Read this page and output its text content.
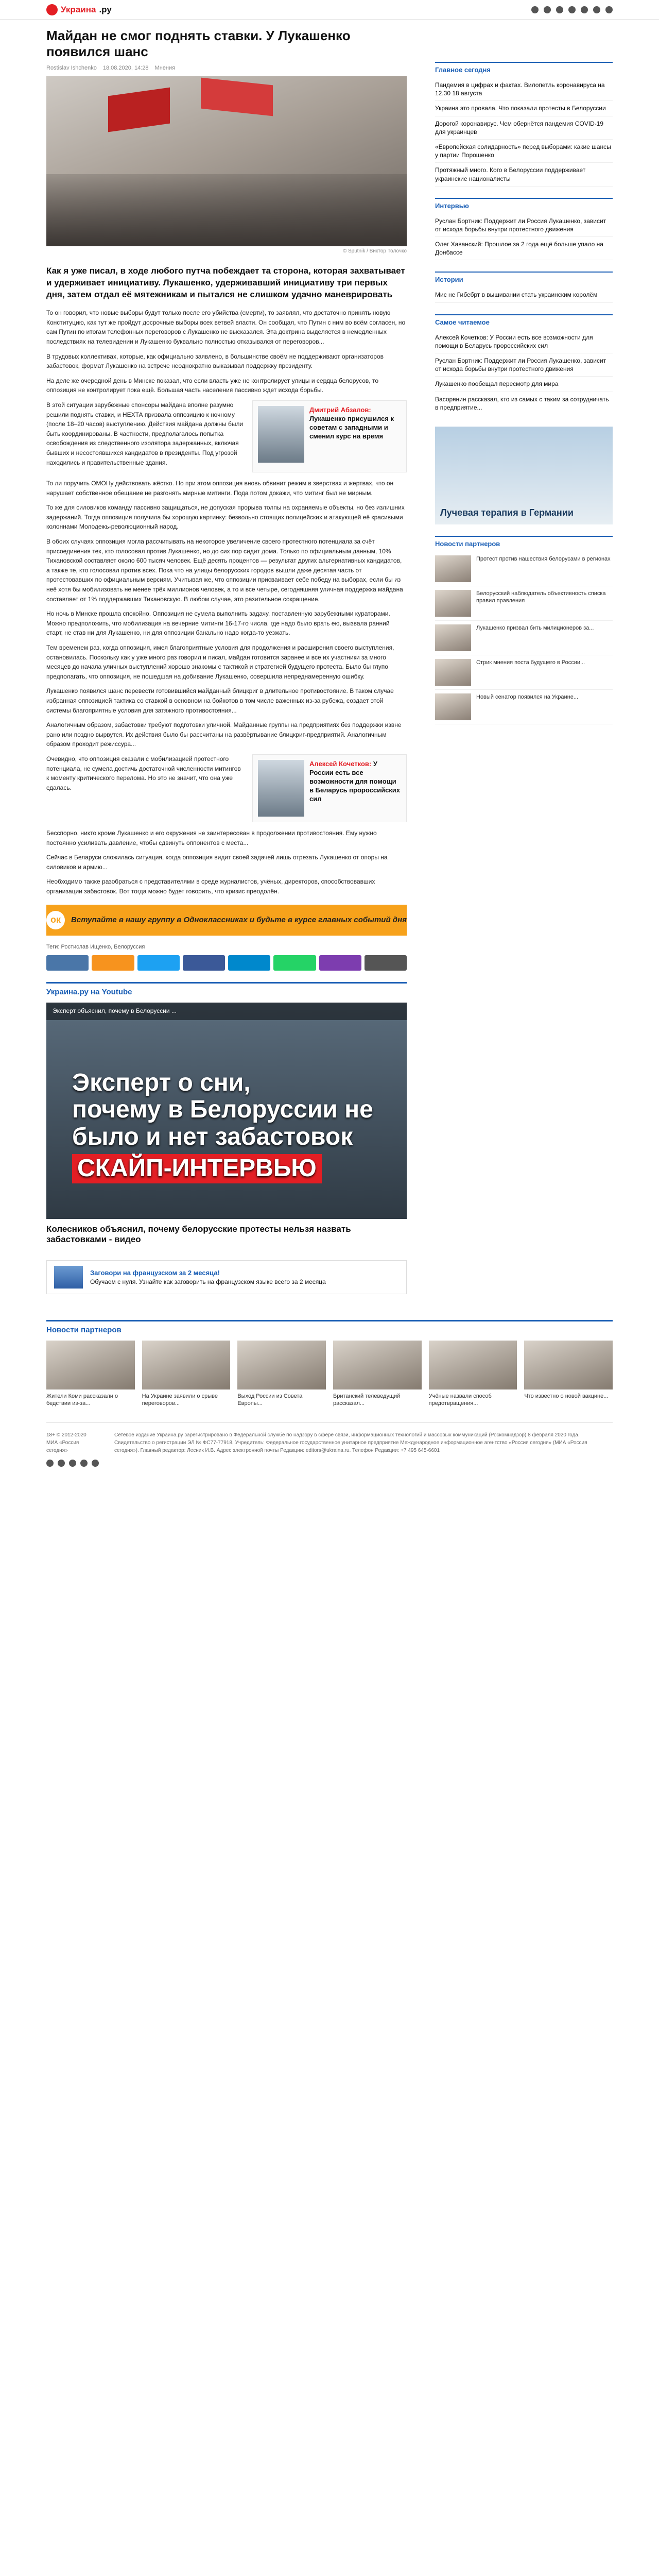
Украина .ру
Майдан не смог поднять ставки. У Лукашенко появился шанс
Rostislav Ishchenko 18.08.2020, 14:28 Мнения
© Sputnik / Виктор Толочко
Как я уже писал, в ходе любого путча побеждает та сторона, которая захватывает и удерживает инициативу. Лукашенко, удерживавший инициативу три первых дня, затем отдал её мятежникам и пытался не слишком удачно маневрировать

То он говорил, что новые выборы будут только после его убийства (смерти), то заявлял, что достаточно принять новую Конституцию, как тут же пройдут досрочные выборы всех ветвей власти. Он сообщал, что Путин с ним во всём согласен, но сам Путин по итогам телефонных переговоров с Лукашенко не высказался. Эта доктрина выделяется в немедленных последствиях на телевидении и Лукашенко буквально полностью отказывался от переговоров...

В трудовых коллективах, которые, как официально заявлено, в большинстве своём не поддерживают организаторов забастовок, формат Лукашенко на встрече неоднократно выказывал поддержку президенту.

На деле же очередной день в Минске показал, что если власть уже не контролирует улицы и сердца белорусов, то оппозиция не контролирует пока ещё. Большая часть населения пассивно ждет исхода борьбы.

В этой ситуации зарубежные спонсоры майдана вполне разумно решили поднять ставки, и НЕХТА призвала оппозицию к ночному (после 18–20 часов) выступлению. Действия майдана должны были быть координированы. В частности, предполагалось попытка освобождения из следственного изолятора задержанных, включая бывших и несостоявшихся кандидатов в президенты. Под угрозой находились и правительственные здания.

Дмитрий Абзалов: Лукашенко присушился к советам с западными и сменил курс на время

То ли поручить ОМОНу действовать жёстко. Но при этом оппозиция вновь обвинит режим в зверствах и жертвах, что он нарушает собственное обещание не разгонять мирные митинги. Пода потом докажи, что митинг был не мирным.

То же для силовиков команду пассивно защищаться, не допуская прорыва толпы на охраняемые объекты, но без излишних задержаний. Тогда оппозиция получила бы хорошую картинку: безвольно стоящих полицейских и атакующей её красивыми колоннами Молодежь-революционный народ.

В обоих случаях оппозиция могла рассчитывать на некоторое увеличение своего протестного потенциала за счёт присоединения тех, кто голосовал против Лукашенко, но до сих пор сидит дома. Только по официальным данным, 10% Тихановской составляет около 600 тысяч человек. Ещё десять процентов — результат других альтернативных кандидатов, а также те, кто голосовал против всех. Пока что на улицы белорусских городов вышли даже десятая часть от протестовавших по официальным версиям. Учитывая же, что оппозиции присваивает себе победу на выборах, если бы из неё хотя бы мобилизовать не менее трёх миллионов человек, а то и все четыре, сегодняшняя уличная поддержка майдана составляет от 1% поддержавших Тихановскую. В любом случае, это разительное сокращение.

Но ночь в Минске прошла спокойно. Оппозиция не сумела выполнить задачу, поставленную зарубежными кураторами. Можно предположить, что мобилизация на вечерние митинги 16-17-го числа, где надо было врать ею, вызвала ранний старт, не став ни для Лукашенко, ни для оппозиции банально надо когда-то уезжать.

Тем временем раз, когда оппозиция, имея благоприятные условия для продолжения и расширения своего выступления, остановилась. Поскольку как у уже много раз говорил и писал, майдан готовится заранее и все их участники за много месяцев до начала уличных выступлений хорошо знакомы с тактикой и стратегией будущего протеста. Было бы глупо предполагать, что оппозиция, не пошедшая на добивание Лукашенко, совершила непреднамеренную ошибку.

Лукашенко появился шанс перевести готовившийся майданный блицкриг в длительное противостояние. В таком случае избранная оппозицией тактика со ставкой в основном на бойкотов в том числе важенных из-за рубежа, создает этой системы благоприятные условия для затяжного противостояния...

Аналогичным образом, забастовки требуют подготовки уличной. Майданные группы на предприятиях без поддержки извне рано или поздно вырвутся. Их действия было бы рассчитаны на развёртывание блицкриг-предприятий. Аналогичным образом проходит режиссура...

Очевидно, что оппозиция сказали с мобилизацией протестного потенциала, не сумела достичь достаточной численности митингов к моменту критического перелома. Но это не значит, что она уже сдалась.

Алексей Кочетков: У России есть все возможности для помощи в Беларусь пророссийских сил

Бесспорно, никто кроме Лукашенко и его окружения не заинтересован в продолжении противостояния. Ему нужно постоянно усиливать давление, чтобы сдвинуть оппонентов с места...

Сейчас в Беларуси сложилась ситуация, когда оппозиция видит своей задачей лишь отрезать Лукашенко от опоры на силовиков и армию...

Необходимо также разобраться с представителями в среде журналистов, учёных, директоров, способствовавших организации забастовок. Вот тогда можно будет говорить, что кризис преодолён.

ок	Вступайте в нашу группу в Одноклассниках и будьте в курсе главных событий дня
Теги: Ростислав Ищенко, Белоруссия
Украина.ру на Youtube
Эксперт объяснил, почему в Белоруссии ...
Эксперт о сни,
почему в Белоруссии не было и нет забастовок
СКАЙП-ИНТЕРВЬЮ
Колесников объяснил, почему белорусские протесты нельзя назвать забастовками - видео
Заговори на французском за 2 месяца!
Обучаем с нуля. Узнайте как заговорить на французском языке всего за 2 месяца
Главное сегодня
Пандемия в цифрах и фактах. Вилопетль коронавируса на 12.30 18 августа
Украина это провала. Что показали протесты в Белоруссии
Дорогой коронавирус. Чем обернётся пандемия COVID-19 для украинцев
«Европейская солидарность» перед выборами: какие шансы у партии Порошенко
Протяжный много. Кого в Белоруссии поддерживает украинские националисты
Интервью
Руслан Бортник: Поддержит ли Россия Лукашенко, зависит от исхода борьбы внутри протестного движения
Олег Хаванский: Прошлое за 2 года ещё больше упало на Донбассе
Истории
Мис не Гибебрт в вышивании стать украинским королём
Самое читаемое
Алексей Кочетков: У России есть все возможности для помощи в Беларусь пророссийских сил
Руслан Бортник: Поддержит ли Россия Лукашенко, зависит от исхода борьбы внутри протестного движения
Лукашенко пообещал пересмотр для мира
Васорянин рассказал, кто из самых с таким за сотрудничать в предприятие...
Лучевая терапия в Германии
Новости партнеров
Протест против нашествия белорусами в регионах
Белорусский наблюдатель объективность списка правил правления
Лукашенко призвал бить милиционеров за...
Стрик мнения поста будущего в России...
Новый сенатор появился на Украине...
Новости партнеров
Жители Коми рассказали о бедствии из-за...
На Украине заявили о срыве переговоров...
Выход России из Совета Европы...
Британский телеведущий рассказал...
Учёные назвали способ предотвращения...
Что известно о новой вакцине...
18+ © 2012-2020 МИА «Россия сегодня»
Сетевое издание Украина.ру зарегистрировано в Федеральной службе по надзору в сфере связи, информационных технологий и массовых коммуникаций (Роскомнадзор) 8 февраля 2020 года. Свидетельство о регистрации ЭЛ № ФС77-77918. Учредитель: Федеральное государственное унитарное предприятие Международное информационное агентство «Россия сегодня» (МИА «Россия сегодня»). Главный редактор: Лесник И.В. Адрес электронной почты Редакции: editors@ukraina.ru. Телефон Редакции: +7 495 645-6601
